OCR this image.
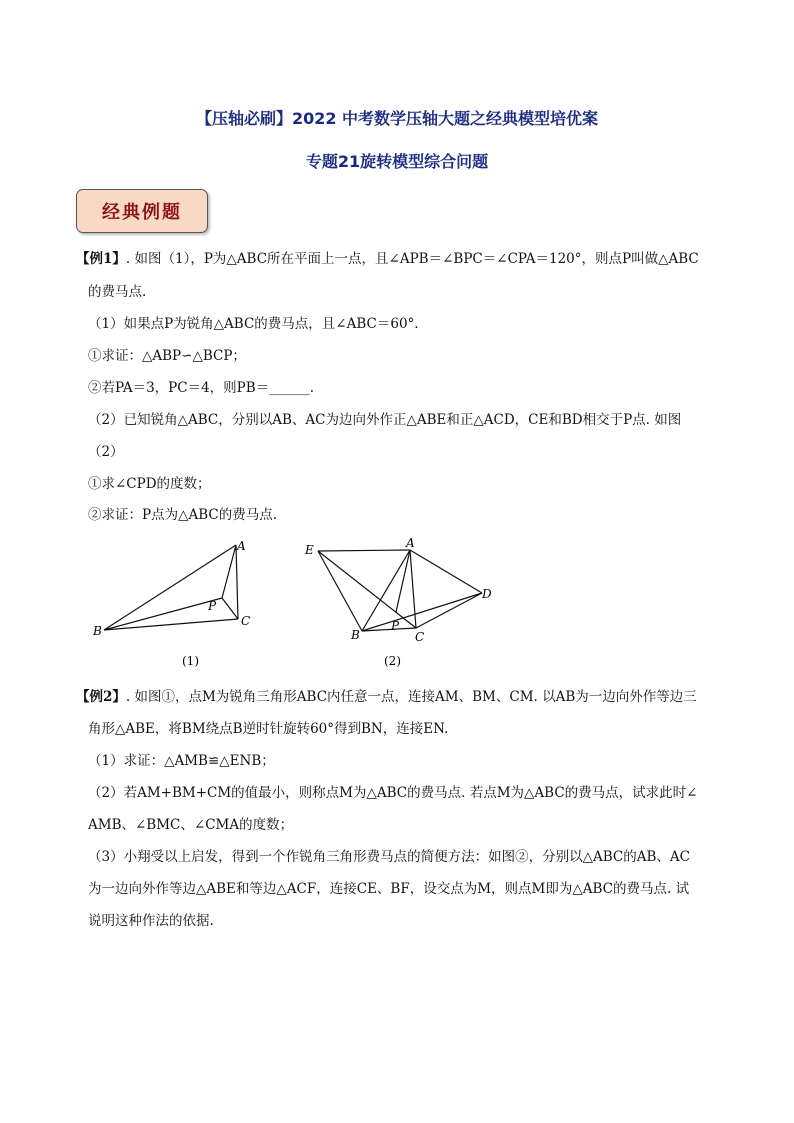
【压轴必刷】2022 中考数学压轴大题之经典模型培优案
专题21旋转模型综合问题
经典例题
【例1】. 如图（1），P为△ABC所在平面上一点，且∠APB＝∠BPC＝∠CPA＝120°，则点P叫做△ABC
的费马点.
（1）如果点P为锐角△ABC的费马点，且∠ABC＝60°.
①求证：△ABP∽△BCP；
②若PA＝3，PC＝4，则PB＝______.
（2）已知锐角△ABC，分别以AB、AC为边向外作正△ABE和正△ACD，CE和BD相交于P点. 如图
（2）
①求∠CPD的度数；
②求证：P点为△ABC的费马点.
A
B
C
P
(1)
A
B	C
D
E
P
(2)
【例2】. 如图①，点M为锐角三角形ABC内任意一点，连接AM、BM、CM. 以AB为一边向外作等边三
角形△ABE，将BM绕点B逆时针旋转60°得到BN，连接EN.
（1）求证：△AMB≌△ENB；
（2）若AM+BM+CM的值最小，则称点M为△ABC的费马点. 若点M为△ABC的费马点，试求此时∠
AMB、∠BMC、∠CMA的度数；
（3）小翔受以上启发，得到一个作锐角三角形费马点的简便方法：如图②，分别以△ABC的AB、AC
为一边向外作等边△ABE和等边△ACF，连接CE、BF，设交点为M，则点M即为△ABC的费马点. 试
说明这种作法的依据.
